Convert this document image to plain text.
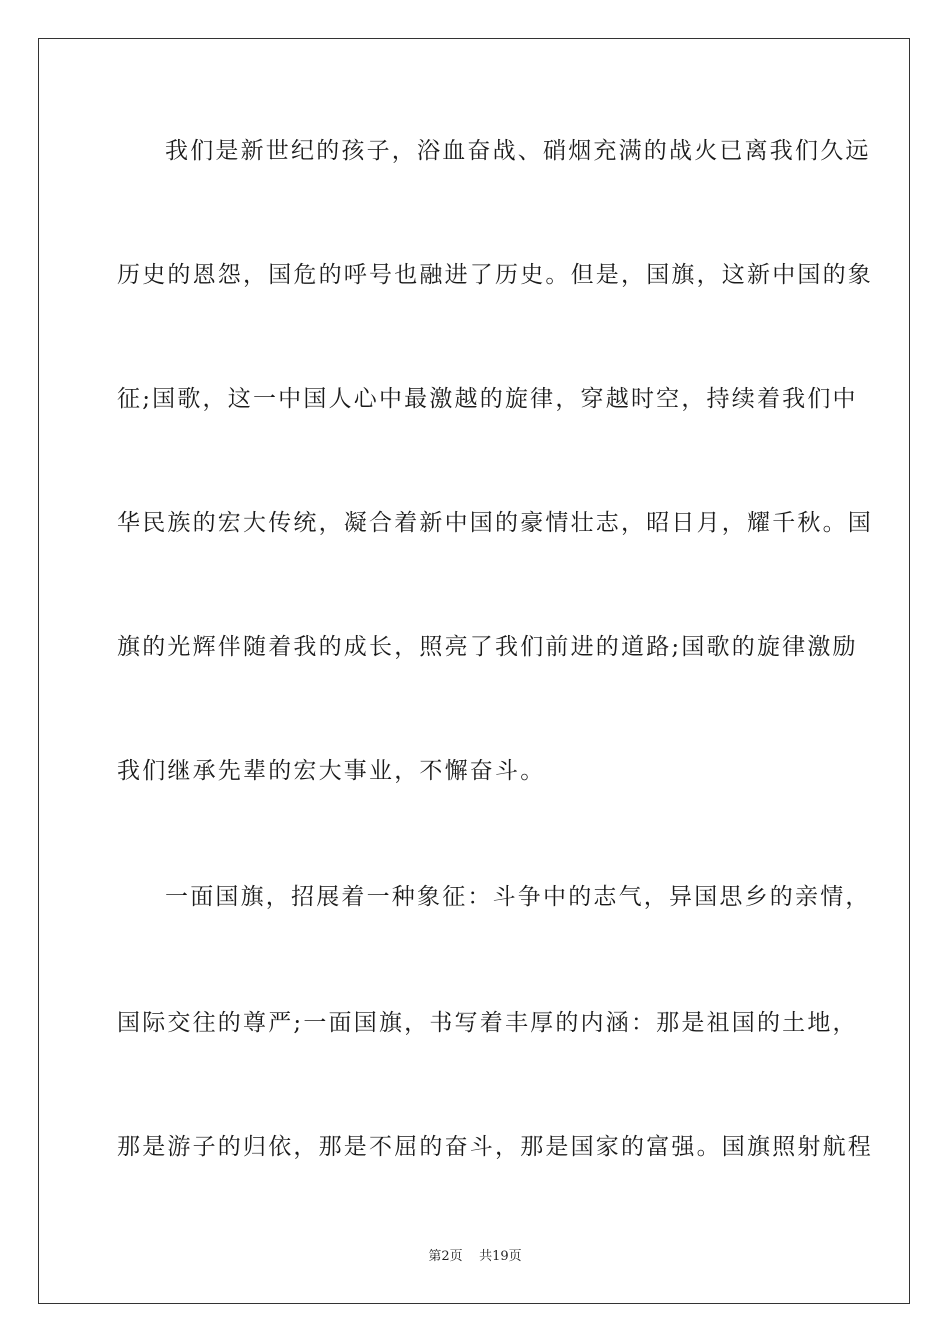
我们是新世纪的孩子，浴血奋战、硝烟充满的战火已离我们久远
历史的恩怨，国危的呼号也融进了历史。但是，国旗，这新中国的象
征;国歌，这一中国人心中最激越的旋律，穿越时空，持续着我们中
华民族的宏大传统，凝合着新中国的豪情壮志，昭日月，耀千秋。国
旗的光辉伴随着我的成长，照亮了我们前进的道路;国歌的旋律激励
我们继承先辈的宏大事业，不懈奋斗。
一面国旗，招展着一种象征：斗争中的志气，异国思乡的亲情，
国际交往的尊严;一面国旗，书写着丰厚的内涵：那是祖国的土地，
那是游子的归依，那是不屈的奋斗，那是国家的富强。国旗照射航程
第2页 共19页
